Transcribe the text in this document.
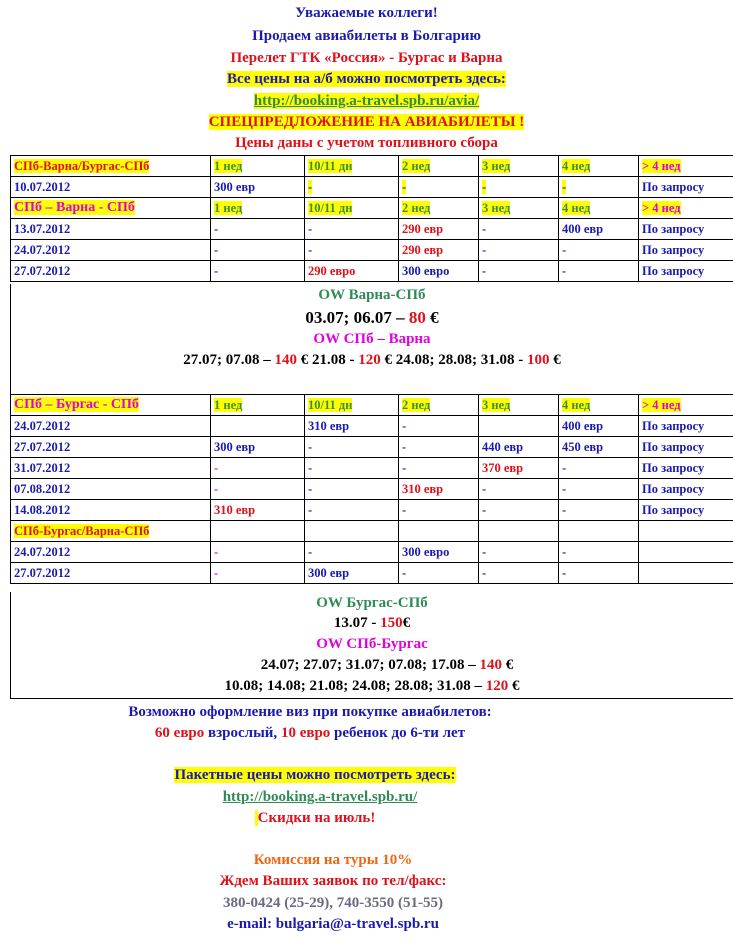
Уважаемые коллеги!
Продаем авиабилеты в Болгарию
Перелет ГТК «Россия» - Бургас и Варна
Все цены на а/б можно посмотреть здесь:
http://booking.a-travel.spb.ru/avia/
СПЕЦПРЕДЛОЖЕНИЕ НА АВИАБИЛЕТЫ !
Цены даны с учетом топливного сбора
СПб-Варна/Бургас-СПб	1 нед	10/11 дн	2 нед	3 нед	4 нед	> 4 нед
10.07.2012	300 евр	-	-	-	-	По запросу
СПб – Варна - СПб	1 нед	10/11 дн	2 нед	3 нед	4 нед	> 4 нед
13.07.2012	-	-	290 евр	-	400 евр	По запросу
24.07.2012	-	-	290 евр	-	-	По запросу
27.07.2012	-	290 евро	300 евро	-	-	По запросу
OW Варна-СПб
03.07; 06.07 – 80 €
OW СПб – Варна
27.07; 07.08 – 140 € 21.08 - 120 € 24.08; 28.08; 31.08 - 100 €
СПб – Бургас - СПб	1 нед	10/11 дн	2 нед	3 нед	4 нед	> 4 нед
24.07.2012		310 евр	-		400 евр	По запросу
27.07.2012	300 евр	-	-	440 евр	450 евр	По запросу
31.07.2012	-	-	-	370 евр	-	По запросу
07.08.2012	-	-	310 евр	-	-	По запросу
14.08.2012	310 евр	-	-	-	-	По запросу
СПб-Бургас/Варна-СПб						
24.07.2012	-	-	300 евро	-	-	
27.07.2012	-	300 евр	-	-	-	
OW Бургас-СПб
13.07 - 150€
OW СПб-Бургас
24.07; 27.07; 31.07; 07.08; 17.08 – 140 €
10.08; 14.08; 21.08; 24.08; 28.08; 31.08 – 120 €
Возможно оформление виз при покупке авиабилетов:
60 евро взрослый, 10 евро ребенок до 6-ти лет
Пакетные цены можно посмотреть здесь:
http://booking.a-travel.spb.ru/
Скидки на июль!
Комиссия на туры 10%
Ждем Ваших заявок по тел/факс:
380-0424 (25-29), 740-3550 (51-55)
e-mail: bulgaria@a-travel.spb.ru
